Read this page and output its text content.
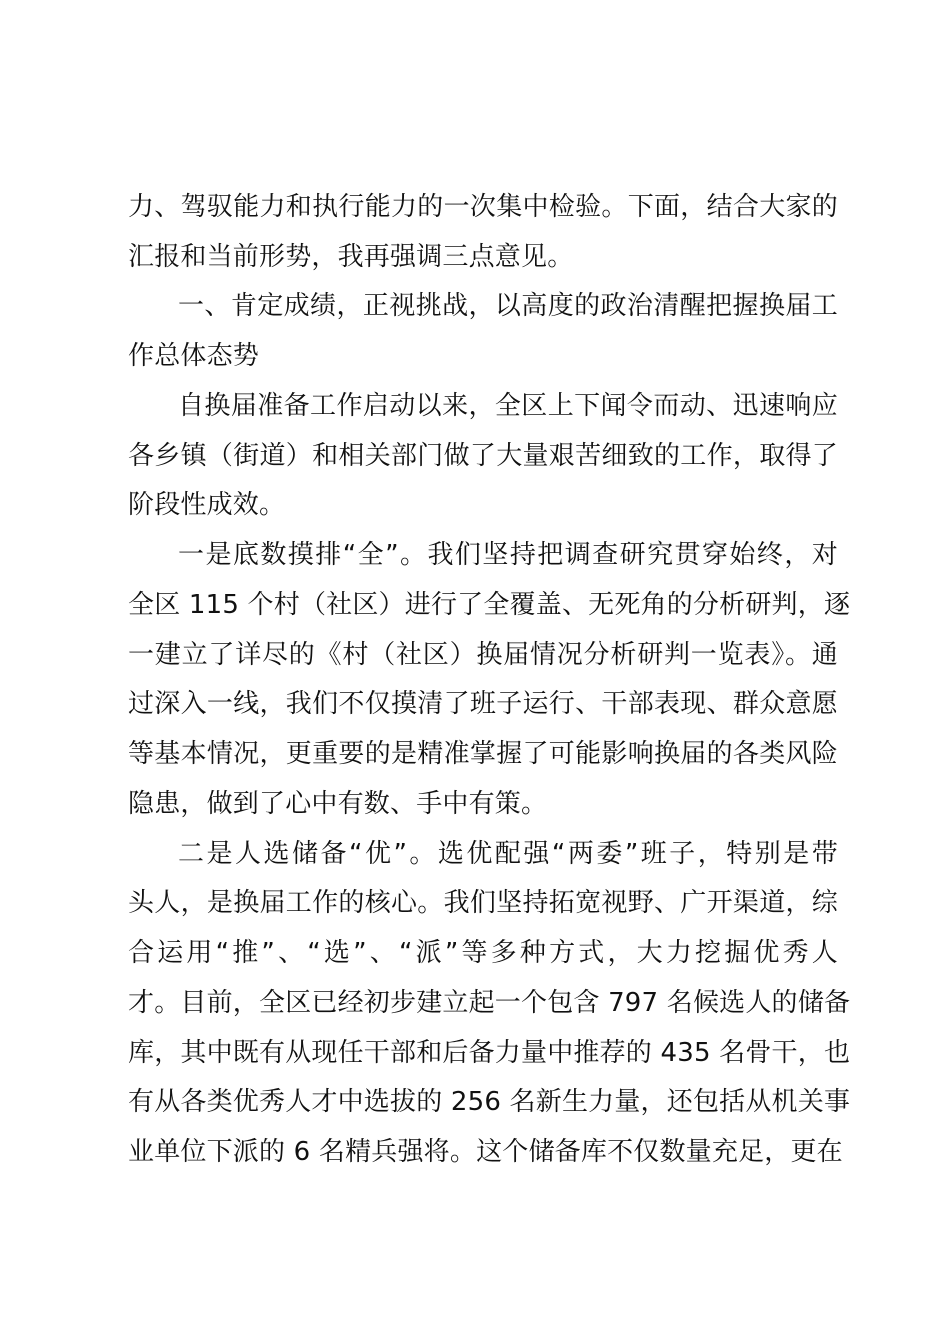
力、驾驭能力和执行能力的一次集中检验。下面，结合大家的
汇报和当前形势，我再强调三点意见。
一、肯定成绩，正视挑战，以高度的政治清醒把握换届工
作总体态势
自换届准备工作启动以来，全区上下闻令而动、迅速响应
各乡镇（街道）和相关部门做了大量艰苦细致的工作，取得了
阶段性成效。
一是底数摸排“全”。我们坚持把调查研究贯穿始终，对
全区 115 个村（社区）进行了全覆盖、无死角的分析研判，逐
一建立了详尽的《村（社区）换届情况分析研判一览表》。通
过深入一线，我们不仅摸清了班子运行、干部表现、群众意愿
等基本情况，更重要的是精准掌握了可能影响换届的各类风险
隐患，做到了心中有数、手中有策。
二是人选储备“优”。选优配强“两委”班子，特别是带
头人，是换届工作的核心。我们坚持拓宽视野、广开渠道，综
合运用“推”、“选”、“派”等多种方式，大力挖掘优秀人
才。目前，全区已经初步建立起一个包含 797 名候选人的储备
库，其中既有从现任干部和后备力量中推荐的 435 名骨干，也
有从各类优秀人才中选拔的 256 名新生力量，还包括从机关事
业单位下派的 6 名精兵强将。这个储备库不仅数量充足，更在
